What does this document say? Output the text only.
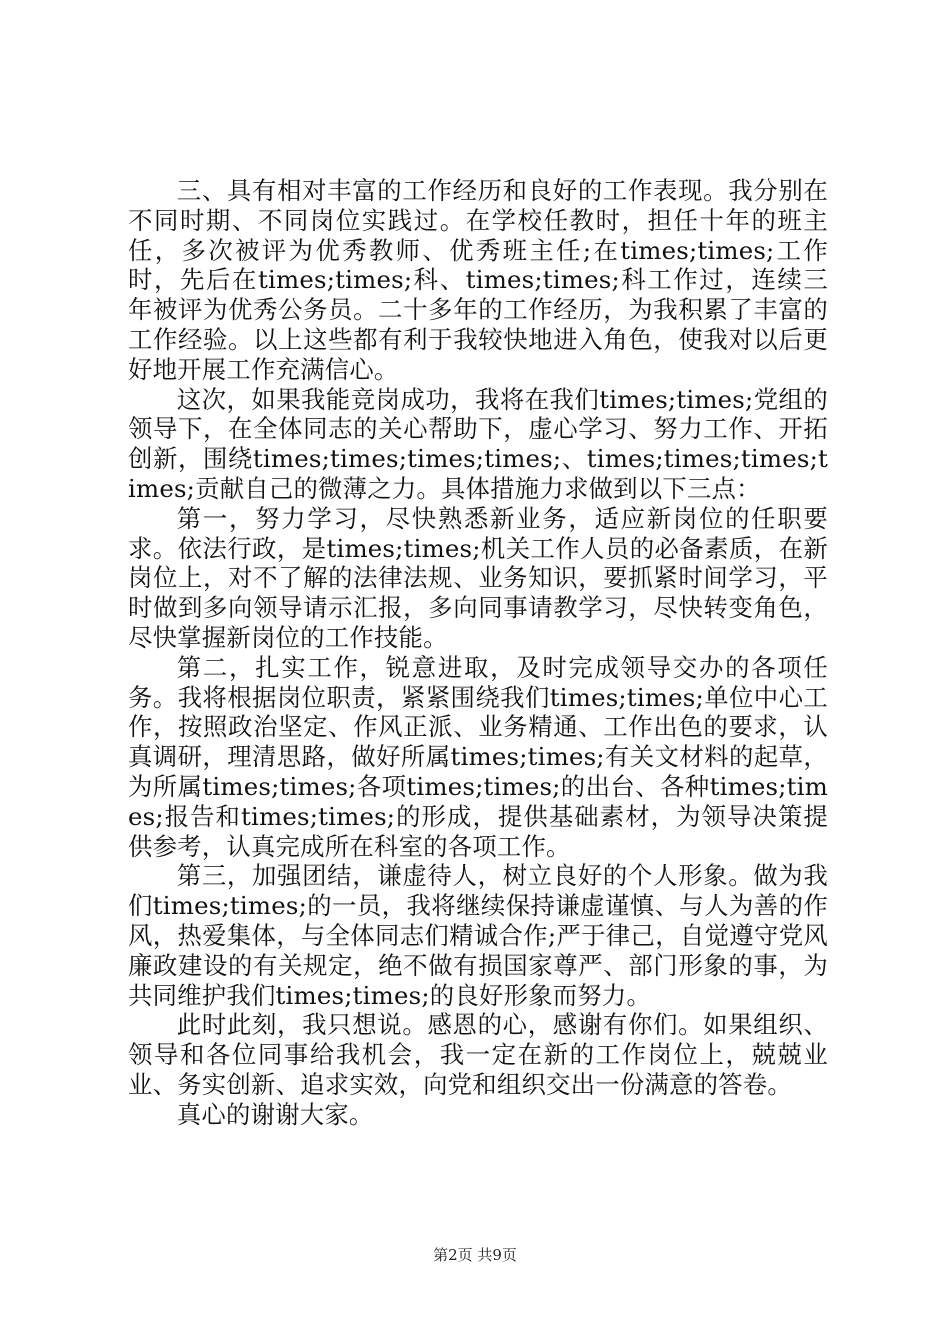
三、具有相对丰富的工作经历和良好的工作表现。我分别在不同时期、不同岗位实践过。在学校任教时，担任十年的班主任，多次被评为优秀教师、优秀班主任;在times;times;工作时，先后在times;times;科、times;times;科工作过，连续三年被评为优秀公务员。二十多年的工作经历，为我积累了丰富的工作经验。以上这些都有利于我较快地进入角色，使我对以后更好地开展工作充满信心。

这次，如果我能竞岗成功，我将在我们times;times;党组的领导下，在全体同志的关心帮助下，虚心学习、努力工作、开拓创新，围绕times;times;times;times;、times;times;times;times;贡献自己的微薄之力。具体措施力求做到以下三点：

第一，努力学习，尽快熟悉新业务，适应新岗位的任职要求。依法行政，是times;times;机关工作人员的必备素质，在新岗位上，对不了解的法律法规、业务知识，要抓紧时间学习，平时做到多向领导请示汇报，多向同事请教学习，尽快转变角色，尽快掌握新岗位的工作技能。

第二，扎实工作，锐意进取，及时完成领导交办的各项任务。我将根据岗位职责，紧紧围绕我们times;times;单位中心工作，按照政治坚定、作风正派、业务精通、工作出色的要求，认真调研，理清思路，做好所属times;times;有关文材料的起草，为所属times;times;各项times;times;的出台、各种times;times;报告和times;times;的形成，提供基础素材，为领导决策提供参考，认真完成所在科室的各项工作。

第三，加强团结，谦虚待人，树立良好的个人形象。做为我们times;times;的一员，我将继续保持谦虚谨慎、与人为善的作风，热爱集体，与全体同志们精诚合作;严于律己，自觉遵守党风廉政建设的有关规定，绝不做有损国家尊严、部门形象的事，为共同维护我们times;times;的良好形象而努力。

此时此刻，我只想说。感恩的心，感谢有你们。如果组织、领导和各位同事给我机会，我一定在新的工作岗位上，兢兢业业、务实创新、追求实效，向党和组织交出一份满意的答卷。

真心的谢谢大家。

第2页 共9页
